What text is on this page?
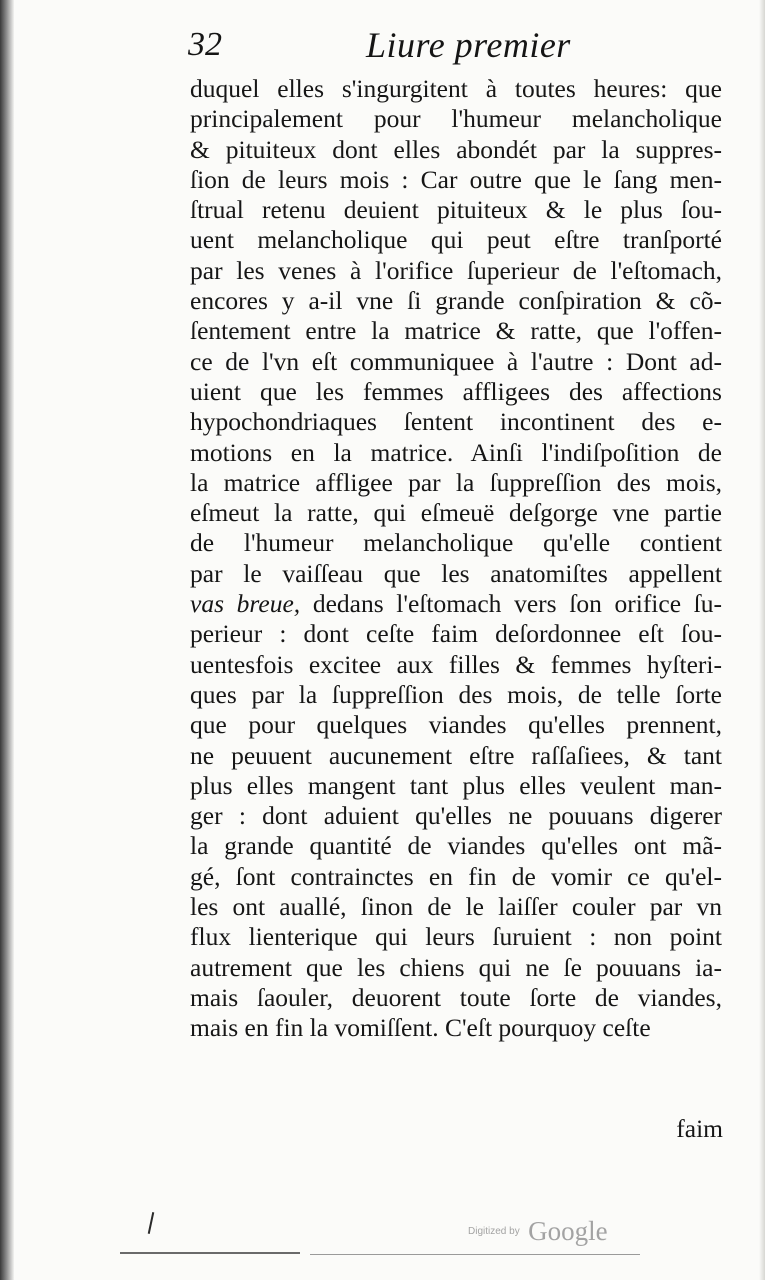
32	Liure premier
duquel elles s'ingurgitent à toutes heures: que
principalement pour l'humeur melancholique
& pituiteux dont elles abondét par la suppres-
ſion de leurs mois : Car outre que le ſang men-
ſtrual retenu deuient pituiteux & le plus ſou-
uent melancholique qui peut eſtre tranſporté
par les venes à l'orifice ſuperieur de l'eſtomach,
encores y a-il vne ſi grande conſpiration & cõ-
ſentement entre la matrice & ratte, que l'offen-
ce de l'vn eſt communiquee à l'autre : Dont ad-
uient que les femmes affligees des affections
hypochondriaques ſentent incontinent des e-
motions en la matrice. Ainſi l'indiſpoſition de
la matrice affligee par la ſuppreſſion des mois,
eſmeut la ratte, qui eſmeuë deſgorge vne partie
de l'humeur melancholique qu'elle contient
par le vaiſſeau que les anatomiſtes appellent
vas breue, dedans l'eſtomach vers ſon orifice ſu-
perieur : dont ceſte faim deſordonnee eſt ſou-
uentesfois excitee aux filles & femmes hyſteri-
ques par la ſuppreſſion des mois, de telle ſorte
que pour quelques viandes qu'elles prennent,
ne peuuent aucunement eſtre raſſaſiees, & tant
plus elles mangent tant plus elles veulent man-
ger : dont aduient qu'elles ne pouuans digerer
la grande quantité de viandes qu'elles ont mã-
gé, ſont contrainctes en fin de vomir ce qu'el-
les ont auallé, ſinon de le laiſſer couler par vn
flux lienterique qui leurs ſuruient : non point
autrement que les chiens qui ne ſe pouuans ia-
mais ſaouler, deuorent toute ſorte de viandes,
mais en fin la vomiſſent. C'eſt pourquoy ceſte
faim
Digitized by Google
